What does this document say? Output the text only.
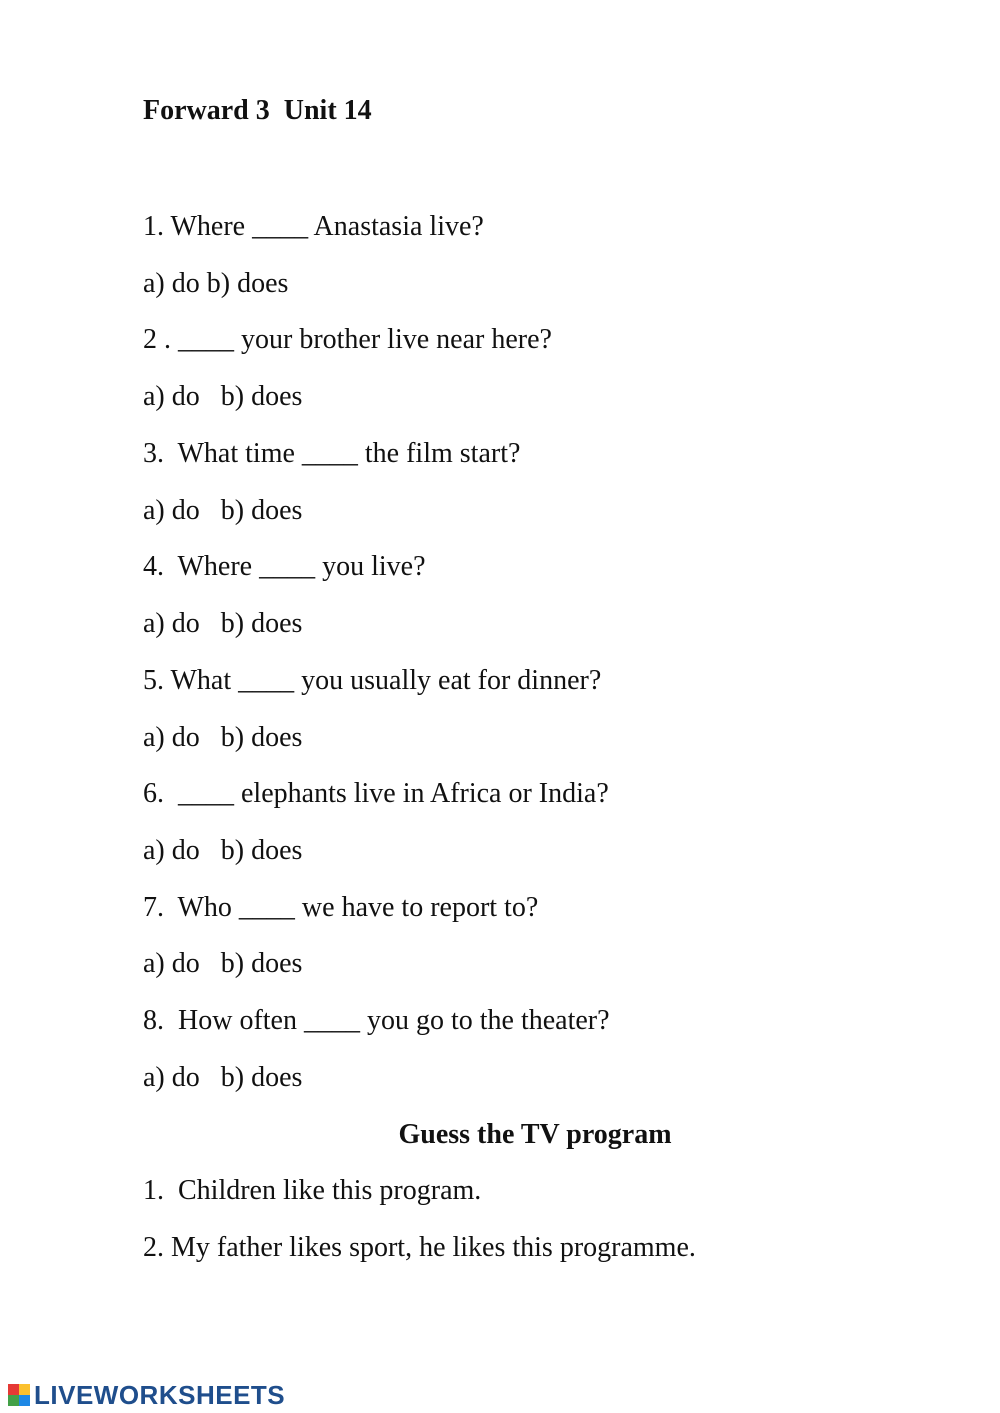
Forward 3  Unit 14
1. Where ____ Anastasia live?
a) do b) does
2 . ____ your brother live near here?
a) do   b) does
3.  What time ____ the film start?
a) do   b) does
4.  Where ____ you live?
a) do   b) does
5. What ____ you usually eat for dinner?
a) do   b) does
6.  ____ elephants live in Africa or India?
a) do   b) does
7.  Who ____ we have to report to?
a) do   b) does
8.  How often ____ you go to the theater?
a) do   b) does
Guess the TV program
1.  Children like this program.
2. My father likes sport, he likes this programme.
LIVEWORKSHEETS
